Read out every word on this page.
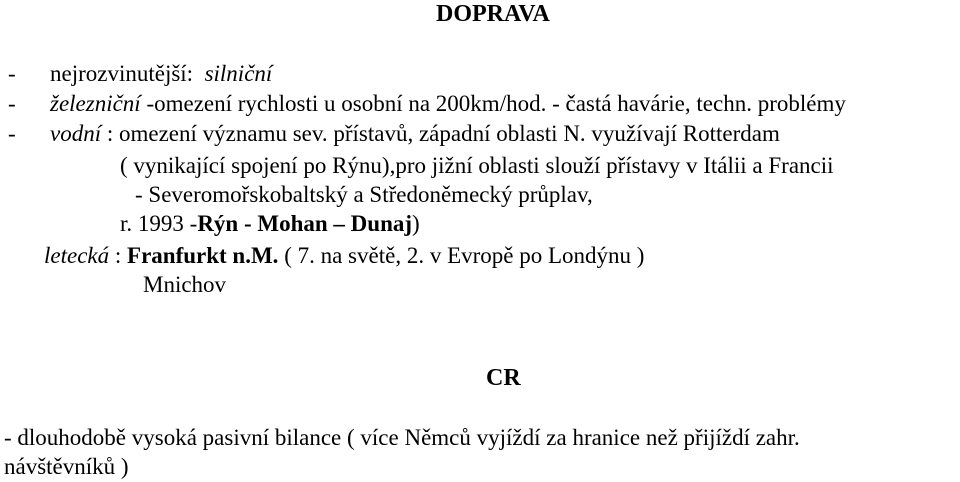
DOPRAVA
- nejrozvinutější: silniční
- železniční -omezení rychlosti u osobní na 200km/hod. - častá havárie, techn. problémy
- vodní : omezení významu sev. přístavů, západní oblasti N. využívají Rotterdam
( vynikající spojení po Rýnu),pro jižní oblasti slouží přístavy v Itálii a Francii
- Severomořskobaltský a Středoněmecký průplav,
r. 1993 -Rýn - Mohan – Dunaj)
letecká : Franfurkt n.M. ( 7. na světě, 2. v Evropě po Londýnu )
Mnichov
CR
- dlouhodobě vysoká pasivní bilance ( více Němců vyjíždí za hranice než přijíždí zahr.
návštěvníků )
